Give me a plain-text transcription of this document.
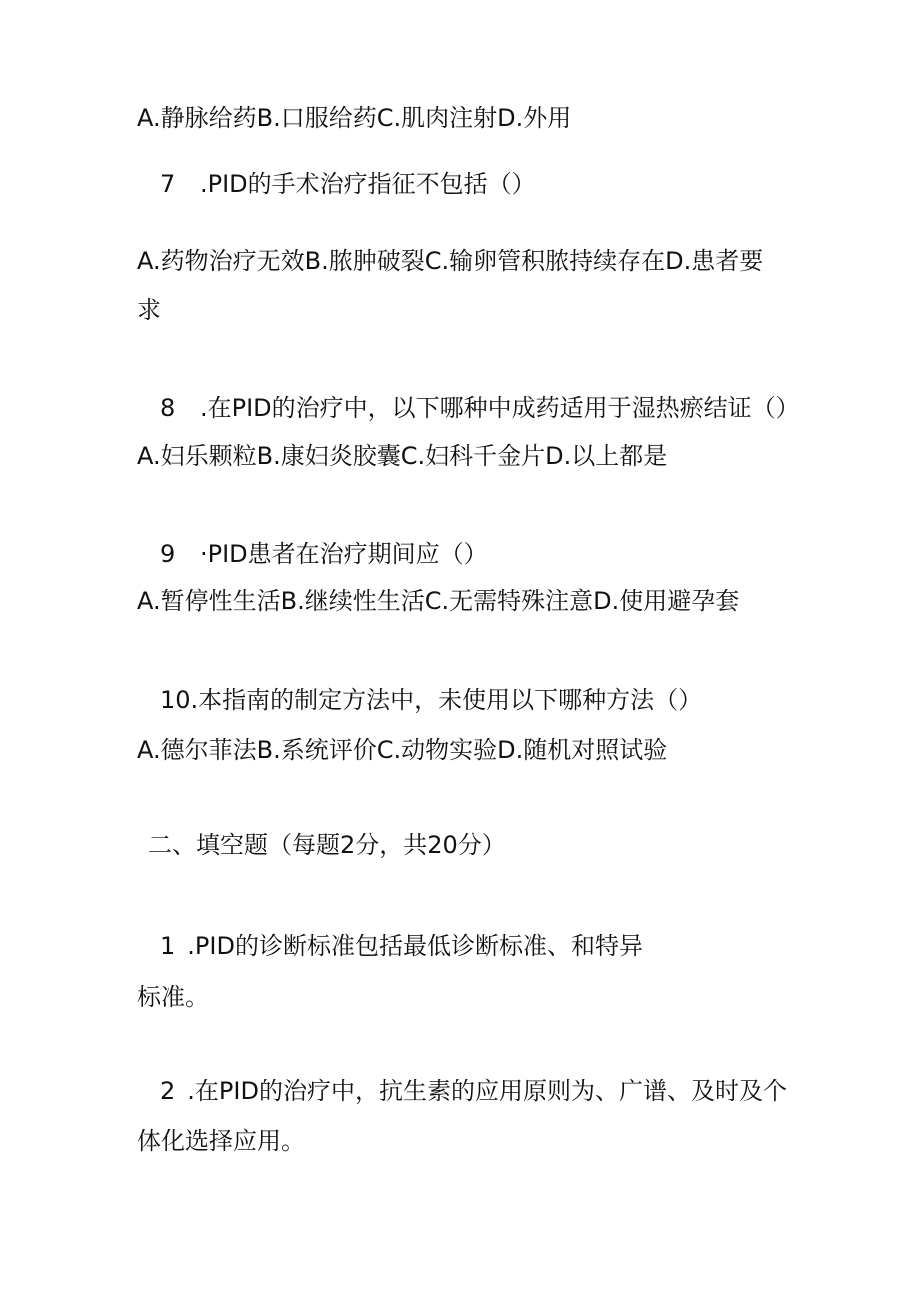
A.静脉给药B.口服给药C.肌肉注射D.外用
7 .PID的手术治疗指征不包括（）
A.药物治疗无效B.脓肿破裂C.输卵管积脓持续存在D.患者要
求
8 .在PID的治疗中，以下哪种中成药适用于湿热瘀结证（）
A.妇乐颗粒B.康妇炎胶囊C.妇科千金片D.以上都是
9 ·PID患者在治疗期间应（）
A.暂停性生活B.继续性生活C.无需特殊注意D.使用避孕套
10.本指南的制定方法中，未使用以下哪种方法（）
A.德尔菲法B.系统评价C.动物实验D.随机对照试验
二、填空题（每题2分，共20分）
1 .PID的诊断标准包括最低诊断标准、和特异
标准。
2 .在PID的治疗中，抗生素的应用原则为、广谱、及时及个
体化选择应用。
